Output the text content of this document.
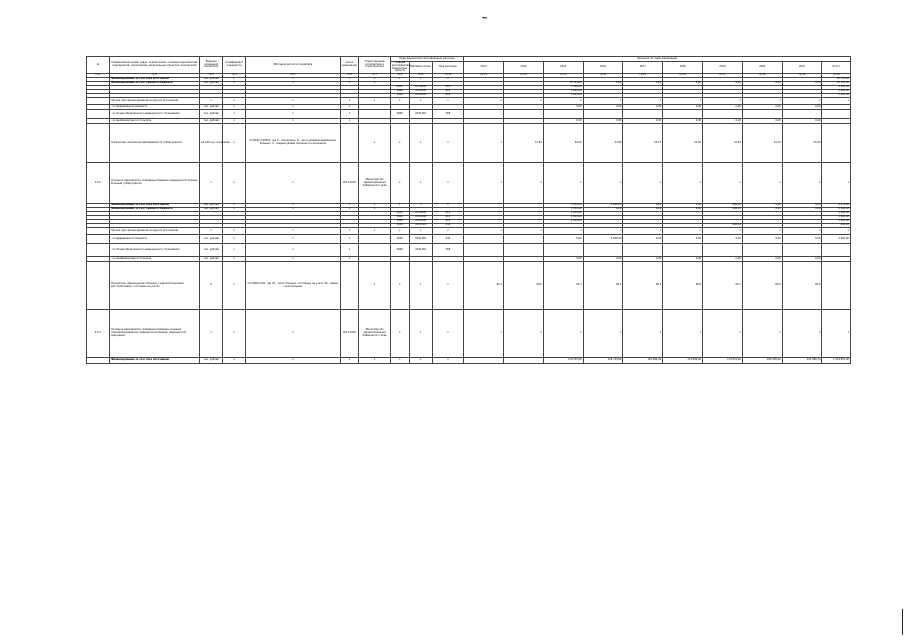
~
№	Наименование целей, задач, подпрограмм, основных мероприятий, мероприятий, показателей, региональных проектов, показателей	Единица измерения показателя	Коэффициент значимости	Методика расчета показателя	Сроки реализации	Ответственный исполнитель и соисполнители	Коды бюджетной классификации расходов			Значения по годам реализации									
							Главный распорядитель бюджетных средств	Целевая статья	Вид расходов	2013	2014	2015	2016	2017	2018	2019	2020	2021	Итого
гр.1	гр.2	гр.3	гр.4	гр.5	гр.6	гр.7	гр.8	гр.9	гр.10	гр.11	гр.12	гр.13	гр.14	гр.15	гр.16	гр.17	гр.18	гр.19	гр.20
	Финансирование за счет всех источников	тыс. рублей	х	х	х	х	х	х	х										10 724,00
	Финансирование за счет краевого бюджета	тыс. рублей	х	х	х	х						10 724,00	0,00	0,00	0,00	0,00	0,00	0,00	10 724,00
							0901	2730000	612			5 500,00							5 500,00
							0902	2320008	612			2 000,00							2 000,00
							0909	0430000	612			3 224,00							3 224,00
	Прочие (при финансировании из других источников)	х	х	х	х	х	х	х	х	х	х	х	х	х	х	х	х	х	х
	- из федерального бюджета	тыс. рублей	х	х	х							0,00	0,00	0,00	0,00	0,00	0,00	0,00	
	- из Фонда обязательного медицинского страхования	тыс. рублей	х	х	х		0909	0431181	588										
	- из внебюджетных источников	тыс. рублей	х	х	х							0,00	0,00	0,00	0,00	0,00	0,00	0,00	
	Показатель «Снижение заболеваемости туберкулезом»	на 100 тыс. населения	х	K=(N/S)×100000, где K - показатель, N - число впервые выявленных больных, S - среднегодовая численность населения		х	х	х	х	х	57,50	56,50	54,90	54,10	53,30	52,50	51,70	50,90	
3.3.6.	Основное мероприятие «Совершенствование медицинской помощи больным туберкулезом»	х	х	х	2014-2020	Министерство здравоохранения Хабаровского края	х	х	х	х	х	х	х	х	х	х	х	х	х
	Финансирование за счет всех источников	тыс. рублей	х	х	х	х	х	х	х			4 330,00	4 950,00	0,00	0,00	940,00	0,00	0,00	8 475,00
	Финансирование за счет краевого бюджета	тыс. рублей	х	х	х	х						4 330,00	0,00	0,00	0,00	940,00	0,00	0,00	5 240,00
							0901	2730000	612			1 000,00							1 000,00
							0902	2320008	612			1 000,00							1 000,00
							0909	0430000	612			2 300,00							2 300,00
							0909	0431181	244							940,00			940,00
	Прочие (при финансировании из других источников)	х	х	х	х	х	х	х	х	х	х	х	х	х	х	х	х	х	х
	- из федерального бюджета	тыс. рублей	х	х	х		0902	0431182	244			0,00	4 950,00	0,00	0,00	0,00	0,00	0,00	4 950,00
	- из Фонда обязательного медицинского страхования	тыс. рублей	х	х	х		0909	0431181	588										
	- из внебюджетных источников	тыс. рублей	х	х	х							0,00	0,00	0,00	0,00	0,00	0,00	0,00	
	Показатель «Удельный вес больных с наркологическими расстройствами, состоящих на учете»	%	х	Ud=N/Ns×100, где Ud - число больных, состоящих на учете, Ns - общее число больных		х	х	х	х	60,1	60,2	60,3	60,4	60,5	60,6	60,7	60,8	60,9	
3.3.7.	Основное мероприятие «Совершенствование оказания специализированной, медицинской помощи, медицинской эвакуации»	х	х	х	2014-2020	Министерство здравоохранения Хабаровского края	х	х	х	х	х	х	х	х	х	х	х	х	х
	Финансирование за счет всех источников	тыс. рублей	х	х	х	х	х	х	х			119 535,00	126 740,00	162 844,00	174 880,00	179 551,00	184 565,00	191 588,70	1 319 851,00
